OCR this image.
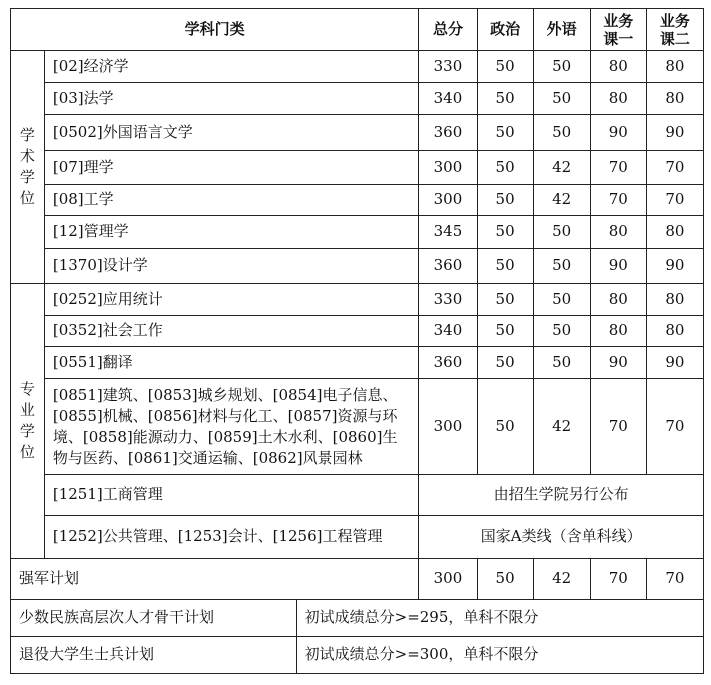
学科门类			总分	政治	外语	业务课一	业务课二

学术学位	[02]经济学		330	50	50	80	80
	[03]法学		340	50	50	80	80
	[0502]外国语言文学		360	50	50	90	90
	[07]理学		300	50	42	70	70
	[08]工学		300	50	42	70	70
	[12]管理学		345	50	50	80	80
	[1370]设计学		360	50	50	90	90

专业学位	[0252]应用统计		330	50	50	80	80
	[0352]社会工作		340	50	50	80	80
	[0551]翻译		360	50	50	90	90
	[0851]建筑、[0853]城乡规划、[0854]电子信息、[0855]机械、[0856]材料与化工、[0857]资源与环境、[0858]能源动力、[0859]土木水利、[0860]生物与医药、[0861]交通运输、[0862]风景园林		300	50	42	70	70
	[1251]工商管理		由招生学院另行公布				
	[1252]公共管理、[1253]会计、[1256]工程管理		国家A类线（含单科线）				
强军计划			300	50	42	70	70
少数民族高层次人才骨干计划		初试成绩总分>=295，单科不限分					
退役大学生士兵计划		初试成绩总分>=300，单科不限分					
